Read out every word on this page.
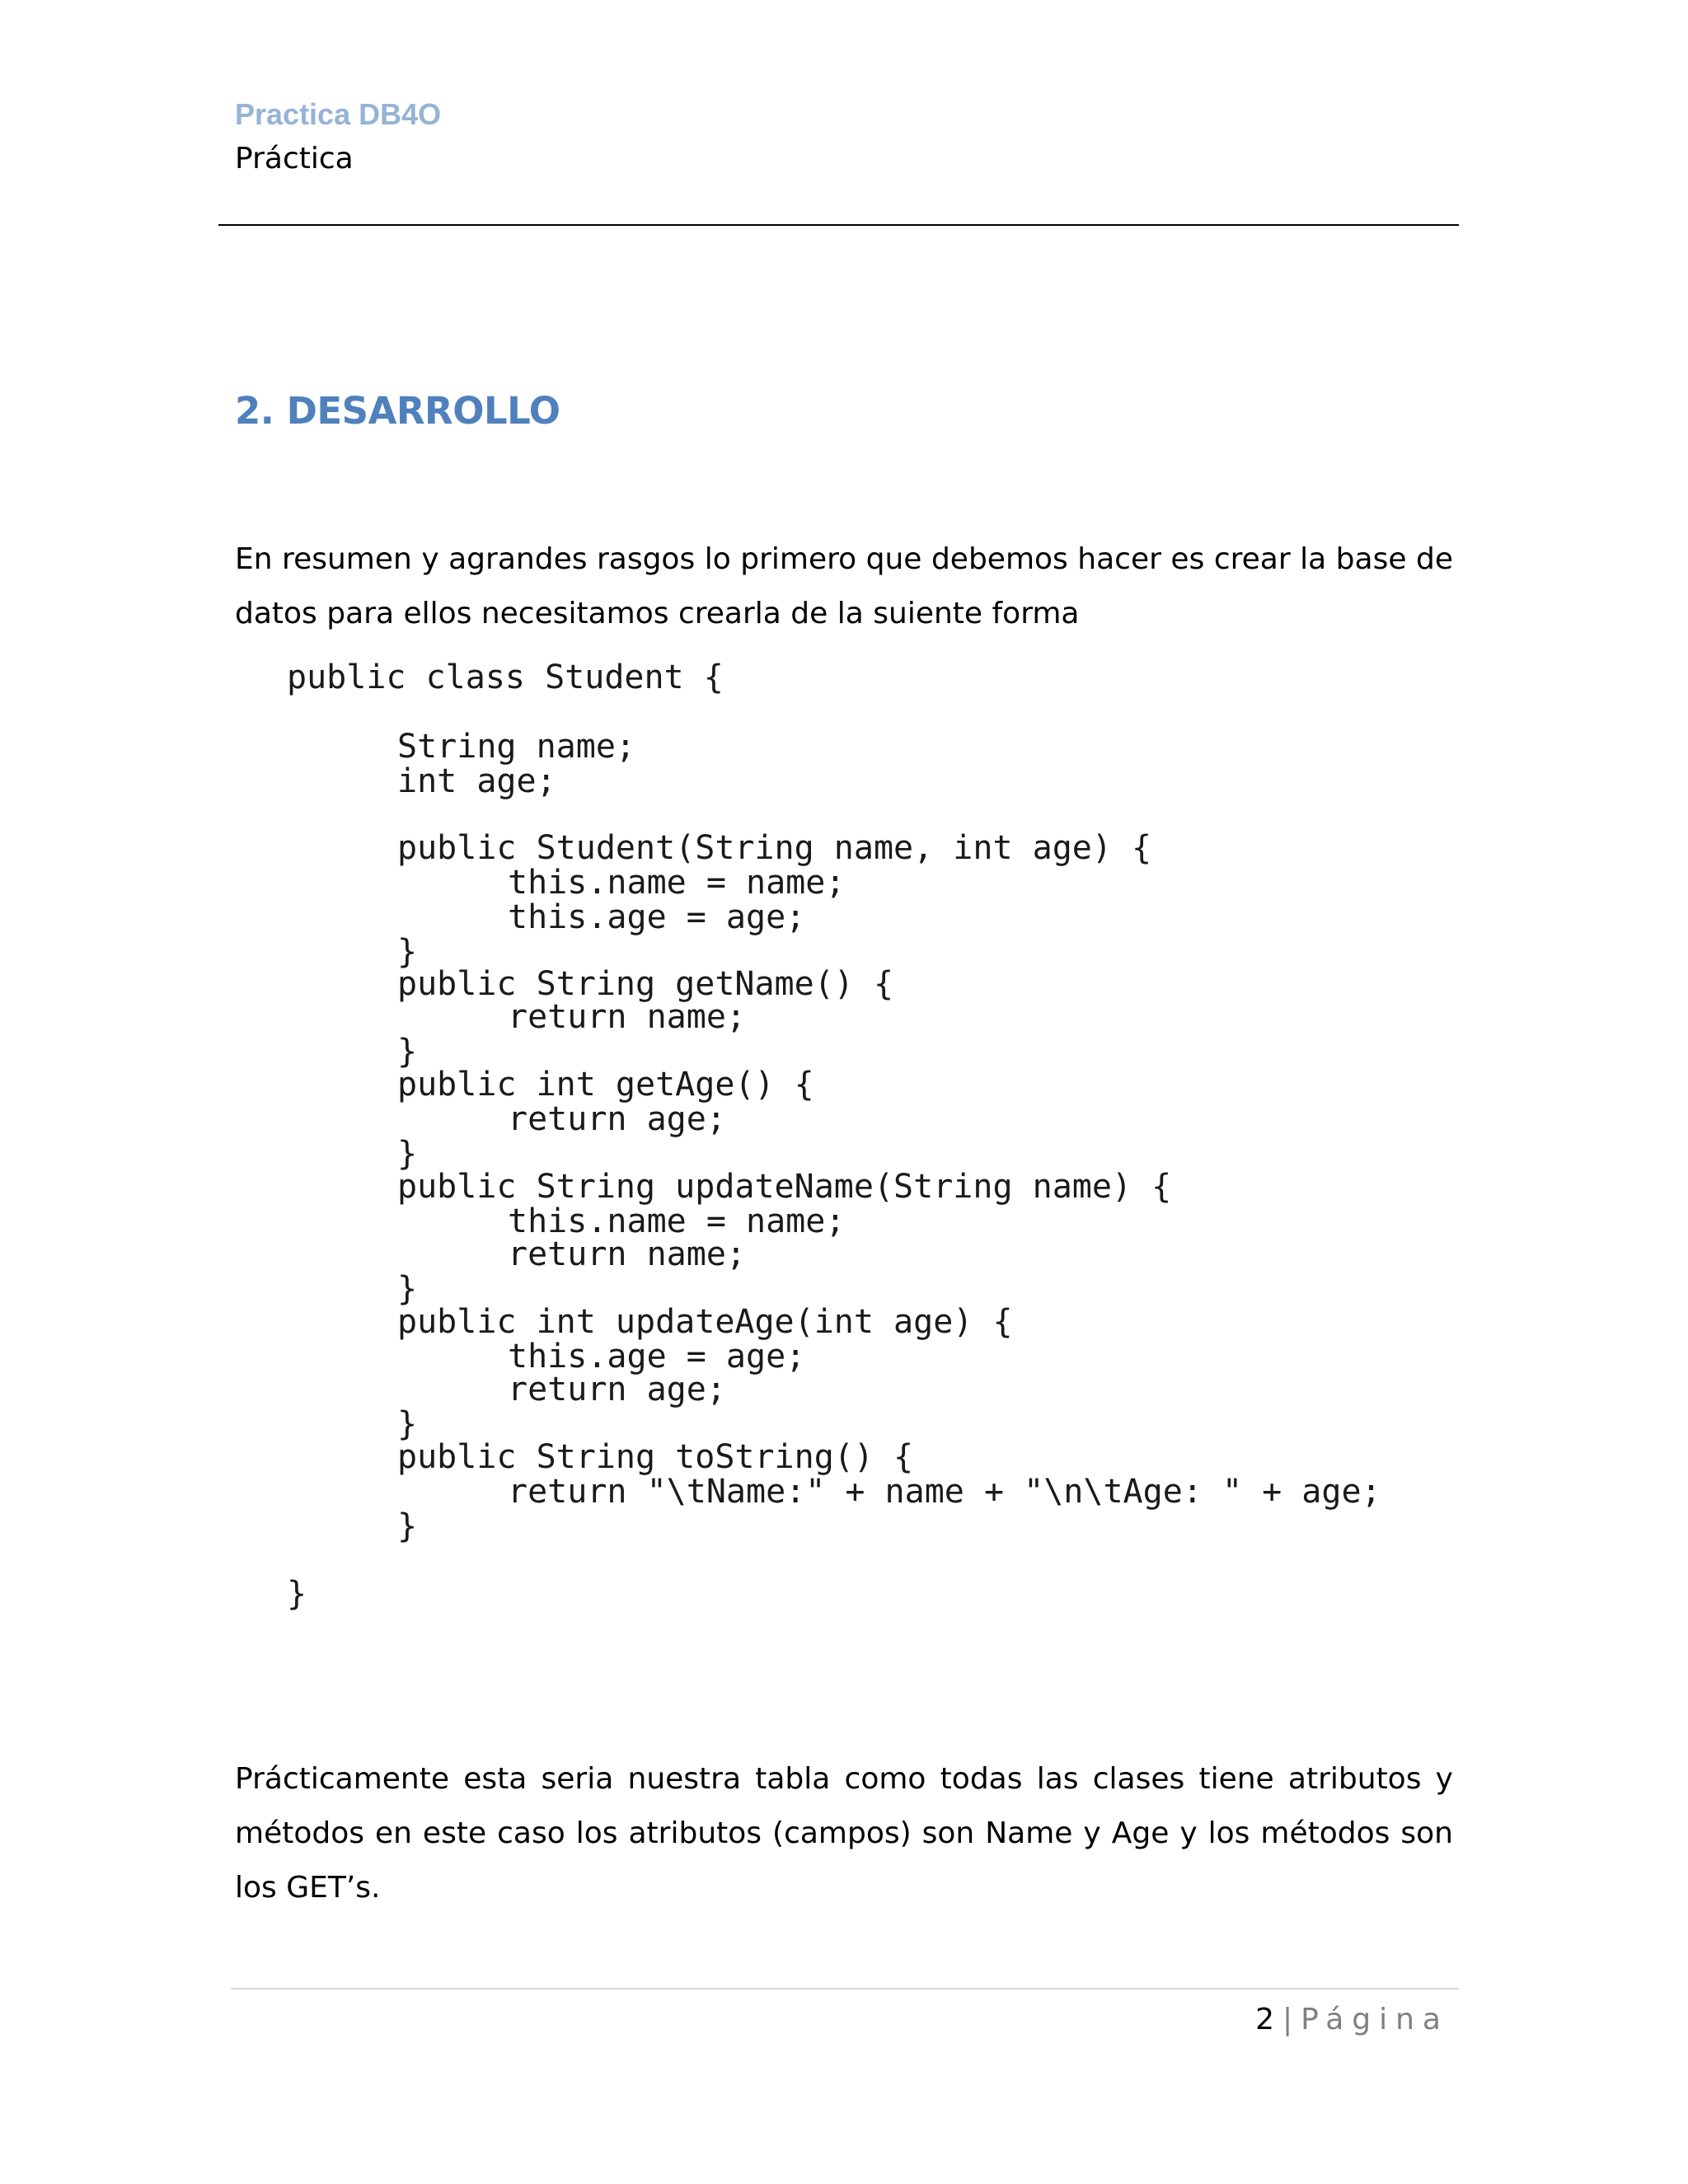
Practica DB4O
Práctica
2. DESARROLLO

En resumen y agrandes rasgos lo primero que debemos hacer es crear la base de datos para ellos necesitamos crearla de la suiente forma

public class Student {
String name;
int age;
public Student(String name, int age) {
this.name = name;
this.age = age;
}
public String getName() {
return name;
}
public int getAge() {
return age;
}
public String updateName(String name) {
this.name = name;
return name;
}
public int updateAge(int age) {
this.age = age;
return age;
}
public String toString() {
return "\tName:" + name + "\n\tAge: " + age;
}
}

Prácticamente esta seria nuestra tabla como todas las clases tiene atributos y métodos en este caso los atributos (campos) son Name y Age y los métodos son los GET’s.

2 | Página
